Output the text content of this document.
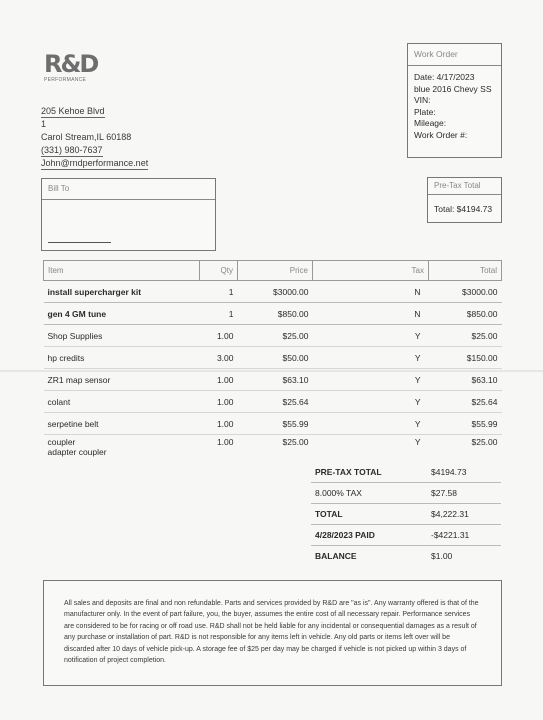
R&D
PERFORMANCE
205 Kehoe Blvd
1
Carol Stream,IL 60188
(331) 980-7637
John@rndperformance.net
Work Order
Date: 4/17/2023
blue 2016 Chevy SS
VIN:
Plate:
Mileage:
Work Order #:
Bill To	Pre-Tax Total
Total: $4194.73
Item	Qty	Price	Tax	Total
install supercharger kit	1	$3000.00	N	$3000.00
gen 4 GM tune	1	$850.00	N	$850.00
Shop Supplies	1.00	$25.00	Y	$25.00
hp credits	3.00	$50.00	Y	$150.00
ZR1 map sensor	1.00	$63.10	Y	$63.10
colant	1.00	$25.64	Y	$25.64
serpetine belt	1.00	$55.99	Y	$55.99

coupler
adapter coupler	1.00	$25.00	Y	$25.00
PRE-TAX TOTAL	$4194.73
8.000% TAX	$27.58
TOTAL	$4,222.31
4/28/2023 PAID	-$4221.31
BALANCE	$1.00

All sales and deposits are final and non refundable. Parts and services provided by R&D are "as is". Any warranty offered is that of the manufacturer only. In the event of part failure, you, the buyer, assumes the entire cost of all necessary repair. Performance services are considered to be for racing or off road use. R&D shall not be held liable for any incidental or consequential damages as a result of any purchase or installation of part. R&D is not responsible for any items left in vehicle. Any old parts or items left over will be discarded after 10 days of vehicle pick-up. A storage fee of $25 per day may be charged if vehicle is not picked up within 3 days of notification of project completion.
